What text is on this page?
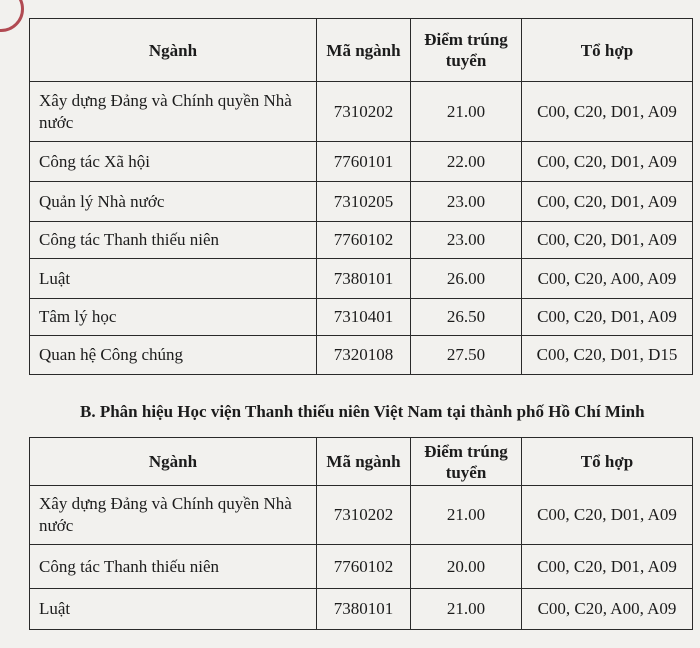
Ngành	Mã ngành	Điểm trúng tuyển	Tổ hợp
Xây dựng Đảng và Chính quyền Nhà nước	7310202	21.00	C00, C20, D01, A09
Công tác Xã hội	7760101	22.00	C00, C20, D01, A09
Quản lý Nhà nước	7310205	23.00	C00, C20, D01, A09
Công tác Thanh thiếu niên	7760102	23.00	C00, C20, D01, A09
Luật	7380101	26.00	C00, C20, A00, A09
Tâm lý học	7310401	26.50	C00, C20, D01, A09
Quan hệ Công chúng	7320108	27.50	C00, C20, D01, D15
B. Phân hiệu Học viện Thanh thiếu niên Việt Nam tại thành phố Hồ Chí Minh
Ngành	Mã ngành	Điểm trúng tuyển	Tổ hợp
Xây dựng Đảng và Chính quyền Nhà nước	7310202	21.00	C00, C20, D01, A09
Công tác Thanh thiếu niên	7760102	20.00	C00, C20, D01, A09
Luật	7380101	21.00	C00, C20, A00, A09
